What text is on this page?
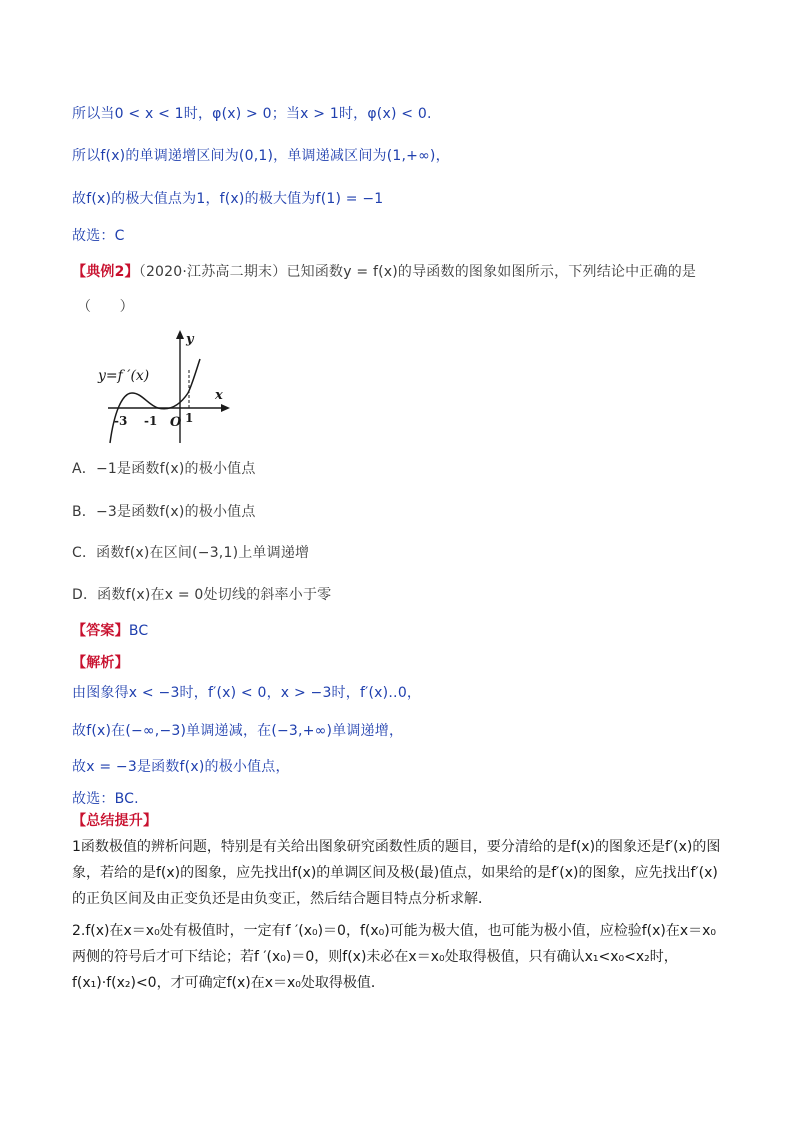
所以当0 < x < 1时，φ(x) > 0；当x > 1时，φ(x) < 0.
所以f(x)的单调递增区间为(0,1)，单调递减区间为(1,+∞)，
故f(x)的极大值点为1，f(x)的极大值为f(1) = −1
故选：C
【典例2】（2020·江苏高二期末）已知函数y = f(x)的导函数的图象如图所示，下列结论中正确的是
（　　）
y=f ′(x)
y
x
O
-3 -1 1
A．−1是函数f(x)的极小值点
B．−3是函数f(x)的极小值点
C．函数f(x)在区间(−3,1)上单调递增
D．函数f(x)在x = 0处切线的斜率小于零
【答案】BC
【解析】
由图象得x < −3时，f′(x) < 0，x > −3时，f′(x)‥0，
故f(x)在(−∞,−3)单调递减，在(−3,+∞)单调递增，
故x = −3是函数f(x)的极小值点，
故选：BC.
【总结提升】
1函数极值的辨析问题，特别是有关给出图象研究函数性质的题目，要分清给的是f(x)的图象还是f′(x)的图象，若给的是f(x)的图象，应先找出f(x)的单调区间及极(最)值点，如果给的是f′(x)的图象，应先找出f′(x)的正负区间及由正变负还是由负变正，然后结合题目特点分析求解．
2.f(x)在x＝x₀处有极值时，一定有f ′(x₀)＝0，f(x₀)可能为极大值，也可能为极小值，应检验f(x)在x＝x₀两侧的符号后才可下结论；若f ′(x₀)＝0，则f(x)未必在x＝x₀处取得极值，只有确认x₁<x₀<x₂时，f(x₁)·f(x₂)<0，才可确定f(x)在x＝x₀处取得极值．
